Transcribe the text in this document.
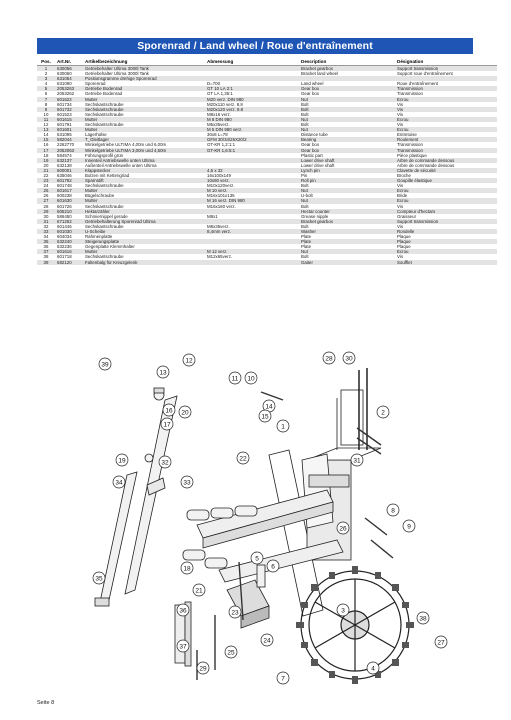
Sporenrad / Land wheel / Roue d'entraînement
Pos.	Art.Nr.	Artikelbezeichnung	Abmessung	Description	Désignation
1	630056	Getriebehalter Ultima 3000l Tank		Bracket gearbox	Support transmission
2	630060	Getriebehalter Ultima 3000l Tank		Bracket land wheel	Support roue d'entraînement
3	631064	Positionsgramme drehige Sporenrad			
4	631090	Sporenrad	D=700	Land wheel	Roue d'entraînement
5	2053263	Getriebe Bodenrad	GT 10 LA 2:1	Gear box	Transmission
6	2053262	Getriebe Bodenrad	GT LA 1,35:1	Gear box	Transmission
7	601622	Mutter	M20 verz. DIN 980	Nut	Ecrou
8	601734	Sechskantschraube	M20x110 verz. 8.8	Bolt	Vis
9	601732	Sechskantschraube	M20x120 verz. 8.8	Bolt	Vis
10	601523	Sechskantschraube	M8x16 verz.	Bolt	Vis
11	601615	Mutter	M 8 DIN 980	Nut	Ecrou
12	601791	Sechskantschraube	M5x35verz.	Bolt	Vis
13	601601	Mutter	M 5 DIN 980 verz.	Nut	Ecrou
14	631095	Lagerhülse	30x8 L=78	Distance tube	Entretoise
15	582044	T_Gleitlager	GFM 30/34/26X20/2	Bearing	Roulement
16	2262770	Winkelgetriebe ULTIMA 4,00m und 6,00m	GT-KR 1,2:1:1	Gear box	Transmission
17	2052063	Winkelgetriebe ULTIMA 3,00m und 4,50m	GT-KR 1,6:5:1	Gear box	Transmission
18	584574	Führungsprofil grün		Plastic part	Pièce plastique
19	632137	Innenteil Antriebswelle unten Ultima		Lower drive shaft	Arbre de commande dessous
20	632138	Außenteil Antriebswelle unten Ultima		Lower drive shaft	Arbre de commande dessous
21	600001	Klappstecker	4,5 x 32	Lynch pin	Clavette de sécurité
22	635046	Bolzen mit Kettengriad	16x100x149	Pin	Broche
23	601792	Sparnstift	10x50 verz.	Roll pin	Goupille élastique
24	601748	Sechskantschraube	M10x120verz.	Bolt	Vis
25	601617	Mutter	M 10 verz.	Nut	Ecrou
26	600238	Bügelschraube	M16x101x135	U-bolt	Bride
27	601630	Mutter	M 16 verz. DIN 980	Nut	Ecrou
28	601726	Sechskantschraube	M16x160 verz.	Bolt	Vis
29	605210	Hektarzähler		Hectar counter	Compteur d'hectars
30	586450	Schmiernippel gerade	M8x1	Grease nipple	Graisseur
31	671262	Getriebehalterung Sporenrad Ultima		Bracket gearbox	Support transmission
32	601446	Sechskantschraube	M8x35verz.	Bolt	Vis
33	601030	U-Scheibe	8,4mm verz.	Washer	Rondelle
34	604034	Rahmenplatte		Plate	Plaque
35	632240	Steigerungsplatte		Plate	Plaque
36	632236	Gegenplatte Klemmhalter		Plate	Plaque
37	601616	Mutter	M 12 verz.	Nut	Ecrou
38	601718	Sechskantschraube	M12x65verz.	Bolt	Vis
39	582120	Faltenbalg für Kreuzgelenk		Gaiter	Soufflet
39
12
13
20
11 10
14
15
16
17
28 30
1
2
22	31
19	32
33
34
18
36
35
21
5
6
8
9
26
27
3
4
23
29
37
25
24
38
7
Seite 8
